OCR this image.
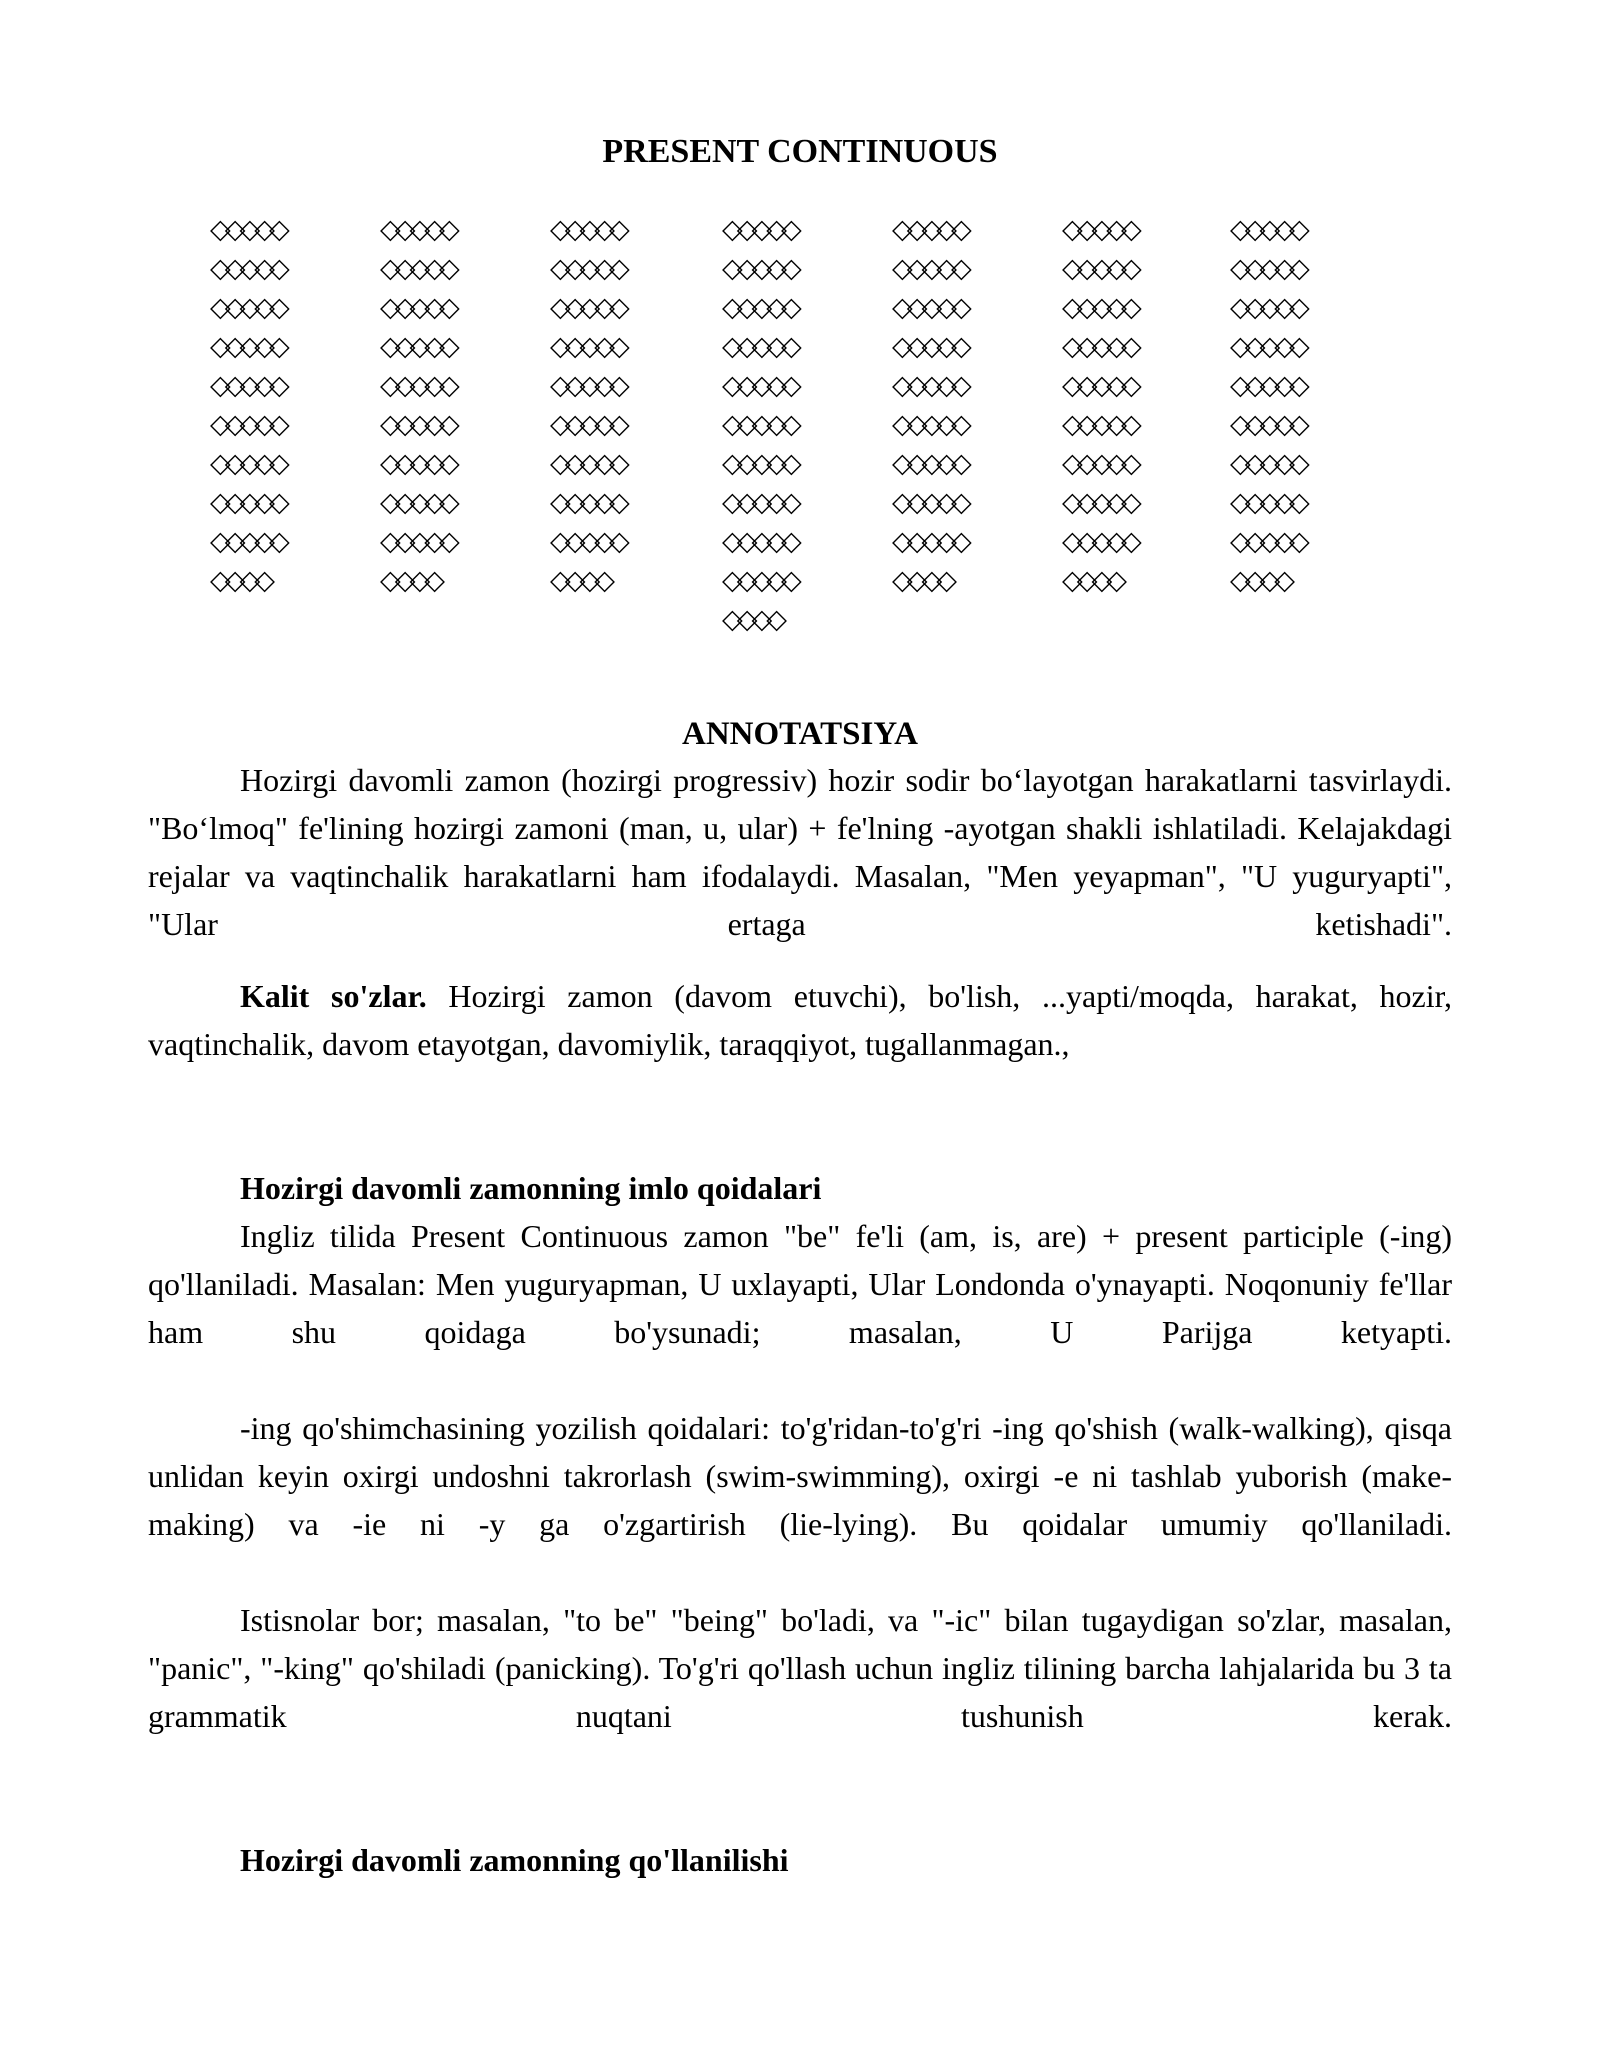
PRESENT CONTINUOUS
◇◇◇◇◇
◇◇◇◇◇
◇◇◇◇◇
◇◇◇◇◇
◇◇◇◇◇
◇◇◇◇◇
◇◇◇◇◇
◇◇◇◇◇
◇◇◇◇◇
◇◇◇◇
◇◇◇◇◇
◇◇◇◇◇
◇◇◇◇◇
◇◇◇◇◇
◇◇◇◇◇
◇◇◇◇◇
◇◇◇◇◇
◇◇◇◇◇
◇◇◇◇◇
◇◇◇◇
◇◇◇◇◇
◇◇◇◇◇
◇◇◇◇◇
◇◇◇◇◇
◇◇◇◇◇
◇◇◇◇◇
◇◇◇◇◇
◇◇◇◇◇
◇◇◇◇◇
◇◇◇◇
◇◇◇◇◇
◇◇◇◇◇
◇◇◇◇◇
◇◇◇◇◇
◇◇◇◇◇
◇◇◇◇◇
◇◇◇◇◇
◇◇◇◇◇
◇◇◇◇◇
◇◇◇◇◇
◇◇◇◇
◇◇◇◇◇
◇◇◇◇◇
◇◇◇◇◇
◇◇◇◇◇
◇◇◇◇◇
◇◇◇◇◇
◇◇◇◇◇
◇◇◇◇◇
◇◇◇◇◇
◇◇◇◇
◇◇◇◇◇
◇◇◇◇◇
◇◇◇◇◇
◇◇◇◇◇
◇◇◇◇◇
◇◇◇◇◇
◇◇◇◇◇
◇◇◇◇◇
◇◇◇◇◇
◇◇◇◇
◇◇◇◇◇
◇◇◇◇◇
◇◇◇◇◇
◇◇◇◇◇
◇◇◇◇◇
◇◇◇◇◇
◇◇◇◇◇
◇◇◇◇◇
◇◇◇◇◇
◇◇◇◇
ANNOTATSIYA

Hozirgi davomli zamon (hozirgi progressiv) hozir sodir bo‘layotgan harakatlarni tasvirlaydi. "Bo‘lmoq" fe'lining hozirgi zamoni (man, u, ular) + fe'lning -ayotgan shakli ishlatiladi. Kelajakdagi rejalar va vaqtinchalik harakatlarni ham ifodalaydi. Masalan, "Men yeyapman", "U yuguryapti", "Ular ertaga ketishadi".

Kalit so'zlar. Hozirgi zamon (davom etuvchi), bo'lish, ...yapti/moqda, harakat, hozir, vaqtinchalik, davom etayotgan, davomiylik, taraqqiyot, tugallanmagan.,

Hozirgi davomli zamonning imlo qoidalari

Ingliz tilida Present Continuous zamon "be" fe'li (am, is, are) + present participle (-ing) qo'llaniladi. Masalan: Men yuguryapman, U uxlayapti, Ular Londonda o'ynayapti. Noqonuniy fe'llar ham shu qoidaga bo'ysunadi; masalan, U Parijga ketyapti.

-ing qo'shimchasining yozilish qoidalari: to'g'ridan-to'g'ri -ing qo'shish (walk-walking), qisqa unlidan keyin oxirgi undoshni takrorlash (swim-swimming), oxirgi -e ni tashlab yuborish (make-making) va -ie ni -y ga o'zgartirish (lie-lying). Bu qoidalar umumiy qo'llaniladi.

Istisnolar bor; masalan, "to be" "being" bo'ladi, va "-ic" bilan tugaydigan so'zlar, masalan, "panic", "-king" qo'shiladi (panicking). To'g'ri qo'llash uchun ingliz tilining barcha lahjalarida bu 3 ta grammatik nuqtani tushunish kerak.

Hozirgi davomli zamonning qo'llanilishi
